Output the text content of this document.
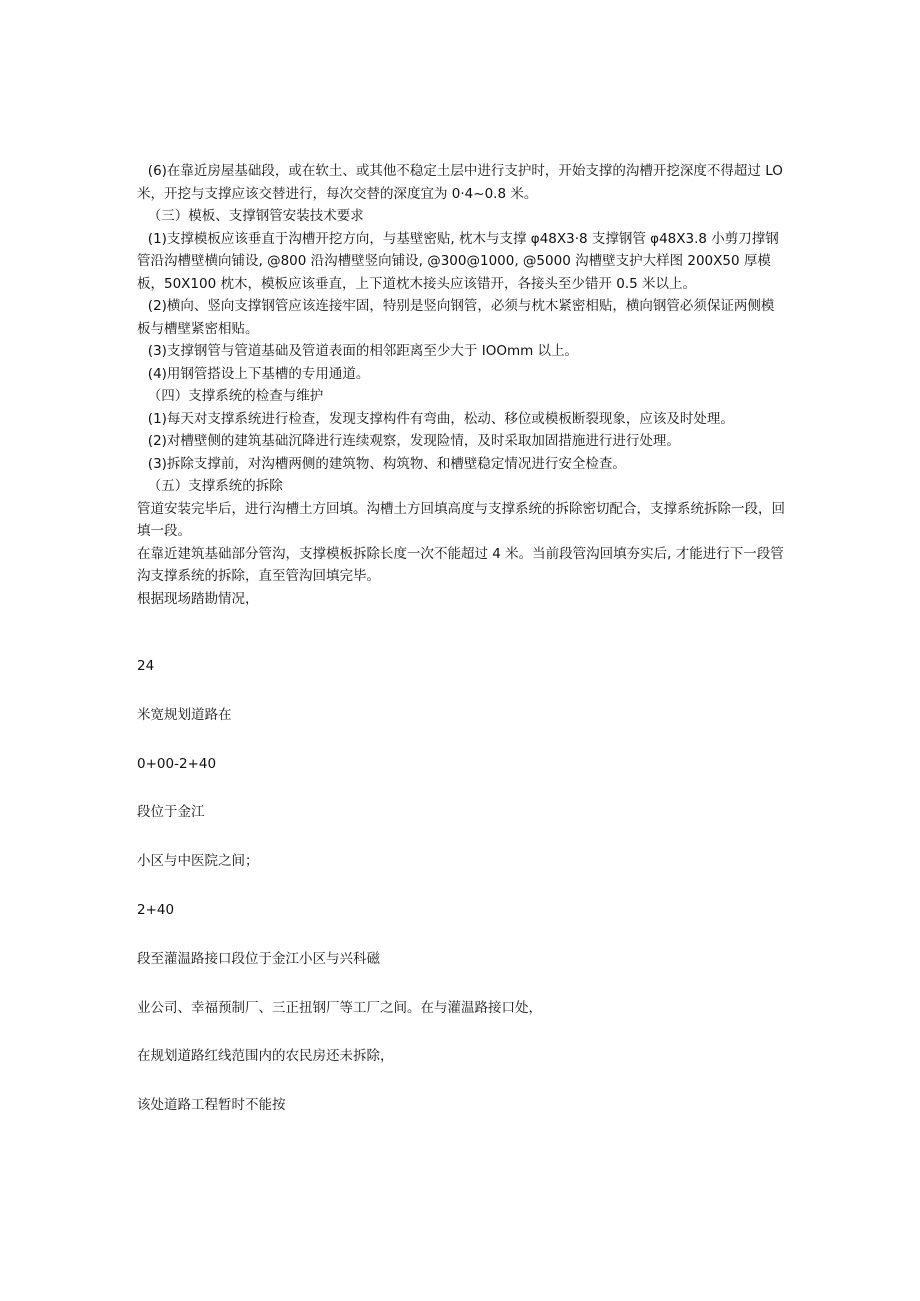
(6)在靠近房屋基础段，或在软土、或其他不稳定土层中进行支护时，开始支撑的沟槽开挖深度不得超过 LO 米，开挖与支撑应该交替进行，每次交替的深度宜为 0·4~0.8 米。

（三）模板、支撑钢管安装技术要求

(1)支撑模板应该垂直于沟槽开挖方向，与基壁密贴, 枕木与支撑 φ48X3·8 支撑钢管 φ48X3.8 小剪刀撑钢管沿沟槽壁横向铺设, @800 沿沟槽壁竖向铺设, @300@1000, @5000 沟槽壁支护大样图 200X50 厚模板，50X100 枕木，模板应该垂直，上下道枕木接头应该错开，各接头至少错开 0.5 米以上。

(2)横向、竖向支撑钢管应该连接牢固，特别是竖向钢管，必须与枕木紧密相贴，横向钢管必须保证两侧模板与槽壁紧密相贴。

(3)支撑钢管与管道基础及管道表面的相邻距离至少大于 IOOmm 以上。

(4)用钢管搭设上下基槽的专用通道。

（四）支撑系统的检查与维护

(1)每天对支撑系统进行检查，发现支撑构件有弯曲，松动、移位或模板断裂现象，应该及时处理。

(2)对槽壁侧的建筑基础沉降进行连续观察，发现险情，及时采取加固措施进行进行处理。

(3)拆除支撑前，对沟槽两侧的建筑物、构筑物、和槽壁稳定情况进行安全检查。

（五）支撑系统的拆除

管道安装完毕后，进行沟槽土方回填。沟槽土方回填高度与支撑系统的拆除密切配合，支撑系统拆除一段，回填一段。

在靠近建筑基础部分管沟，支撑模板拆除长度一次不能超过 4 米。当前段管沟回填夯实后, 才能进行下一段管沟支撑系统的拆除，直至管沟回填完毕。

根据现场踏勘情况，

24

米宽规划道路在

0+00-2+40

段位于金江

小区与中医院之间；

2+40

段至灌温路接口段位于金江小区与兴科磁

业公司、幸福预制厂、三正扭钢厂等工厂之间。在与灌温路接口处，

在规划道路红线范围内的农民房还未拆除，

该处道路工程暂时不能按
